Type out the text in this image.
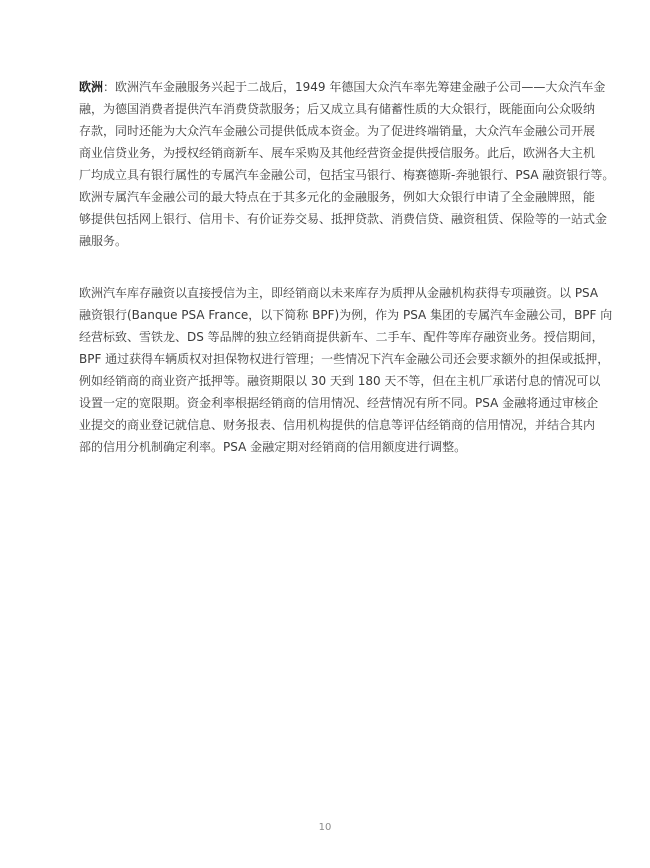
欧洲：欧洲汽车金融服务兴起于二战后，1949 年德国大众汽车率先筹建金融子公司——大众汽车金
融，为德国消费者提供汽车消费贷款服务；后又成立具有储蓄性质的大众银行，既能面向公众吸纳
存款，同时还能为大众汽车金融公司提供低成本资金。为了促进终端销量，大众汽车金融公司开展
商业信贷业务，为授权经销商新车、展车采购及其他经营资金提供授信服务。此后，欧洲各大主机
厂均成立具有银行属性的专属汽车金融公司，包括宝马银行、梅赛德斯-奔驰银行、PSA 融资银行等。
欧洲专属汽车金融公司的最大特点在于其多元化的金融服务，例如大众银行申请了全金融牌照，能
够提供包括网上银行、信用卡、有价证券交易、抵押贷款、消费信贷、融资租赁、保险等的一站式金
融服务。
欧洲汽车库存融资以直接授信为主，即经销商以未来库存为质押从金融机构获得专项融资。以 PSA
融资银行(Banque PSA France，以下简称 BPF)为例，作为 PSA 集团的专属汽车金融公司，BPF 向
经营标致、雪铁龙、DS 等品牌的独立经销商提供新车、二手车、配件等库存融资业务。授信期间，
BPF 通过获得车辆质权对担保物权进行管理；一些情况下汽车金融公司还会要求额外的担保或抵押，
例如经销商的商业资产抵押等。融资期限以 30 天到 180 天不等，但在主机厂承诺付息的情况可以
设置一定的宽限期。资金利率根据经销商的信用情况、经营情况有所不同。PSA 金融将通过审核企
业提交的商业登记就信息、财务报表、信用机构提供的信息等评估经销商的信用情况，并结合其内
部的信用分机制确定利率。PSA 金融定期对经销商的信用额度进行调整。
10
